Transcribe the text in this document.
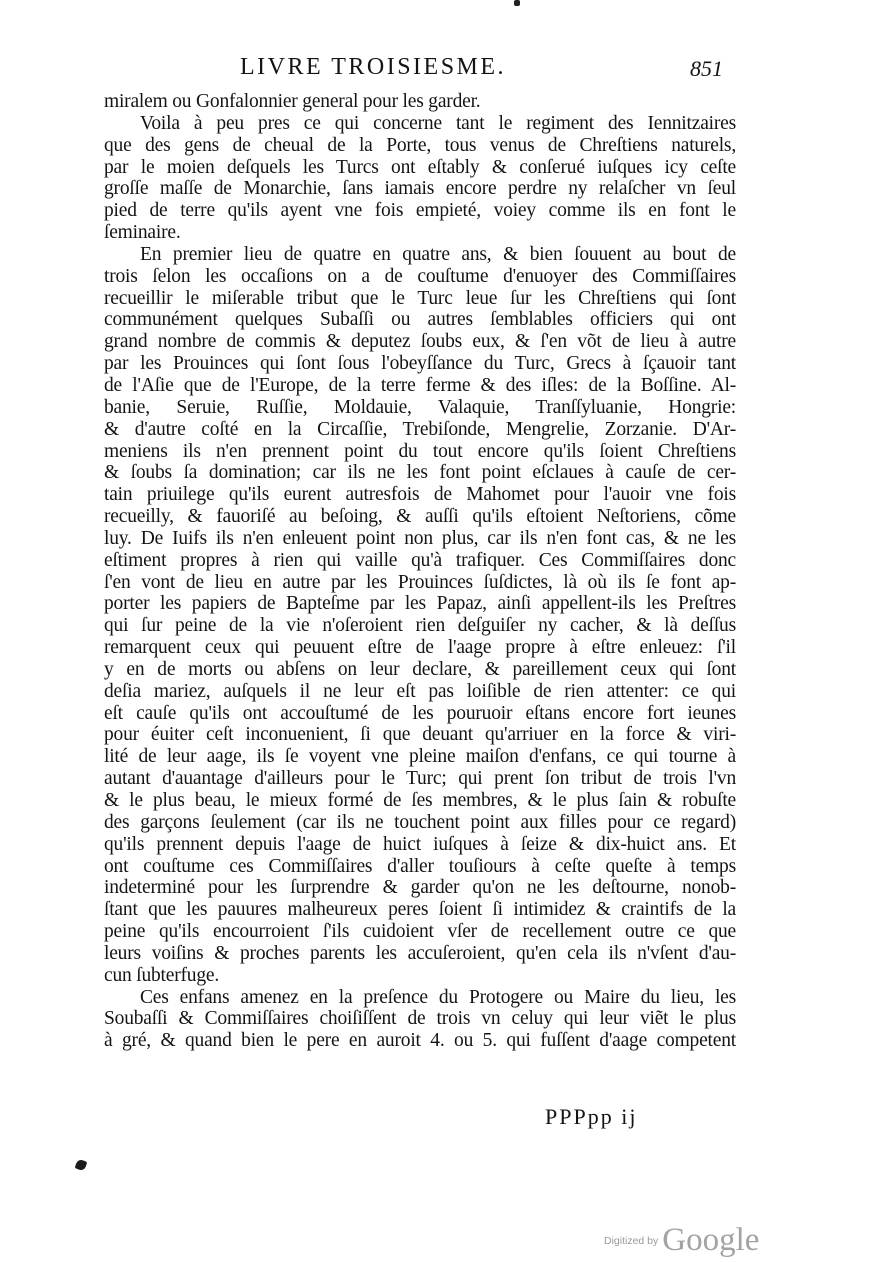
LIVRE TROISIESME.	851
miralem ou Gonfalonnier general pour les garder.
Voila à peu pres ce qui concerne tant le regiment des Iennitzaires
que des gens de cheual de la Porte, tous venus de Chreſtiens naturels,
par le moien deſquels les Turcs ont eſtably & conſerué iuſques icy ceſte
groſſe maſſe de Monarchie, ſans iamais encore perdre ny relaſcher vn ſeul
pied de terre qu'ils ayent vne fois empieté, voiey comme ils en font le
ſeminaire.
En premier lieu de quatre en quatre ans, & bien ſouuent au bout de
trois ſelon les occaſions on a de couſtume d'enuoyer des Commiſſaires
recueillir le miſerable tribut que le Turc leue ſur les Chreſtiens qui ſont
communément quelques Subaſſi ou autres ſemblables officiers qui ont
grand nombre de commis & deputez ſoubs eux, & ſ'en võt de lieu à autre
par les Prouinces qui ſont ſous l'obeyſſance du Turc, Grecs à ſçauoir tant
de l'Aſie que de l'Europe, de la terre ferme & des iſles: de la Boſſine. Al-
banie, Seruie, Ruſſie, Moldauie, Valaquie, Tranſſyluanie, Hongrie:
& d'autre coſté en la Circaſſie, Trebiſonde, Mengrelie, Zorzanie. D'Ar-
meniens ils n'en prennent point du tout encore qu'ils ſoient Chreſtiens
& ſoubs ſa domination; car ils ne les font point eſclaues à cauſe de cer-
tain priuilege qu'ils eurent autresfois de Mahomet pour l'auoir vne fois
recueilly, & fauoriſé au beſoing, & auſſi qu'ils eſtoient Neſtoriens, cõme
luy. De Iuifs ils n'en enleuent point non plus, car ils n'en font cas, & ne les
eſtiment propres à rien qui vaille qu'à trafiquer. Ces Commiſſaires donc
ſ'en vont de lieu en autre par les Prouinces ſuſdictes, là où ils ſe font ap-
porter les papiers de Bapteſme par les Papaz, ainſi appellent-ils les Preſtres
qui ſur peine de la vie n'oſeroient rien deſguiſer ny cacher, & là deſſus
remarquent ceux qui peuuent eſtre de l'aage propre à eſtre enleuez: ſ'il
y en de morts ou abſens on leur declare, & pareillement ceux qui ſont
deſia mariez, auſquels il ne leur eſt pas loiſible de rien attenter: ce qui
eſt cauſe qu'ils ont accouſtumé de les pouruoir eſtans encore fort ieunes
pour éuiter ceſt inconuenient, ſi que deuant qu'arriuer en la force & viri-
lité de leur aage, ils ſe voyent vne pleine maiſon d'enfans, ce qui tourne à
autant d'auantage d'ailleurs pour le Turc; qui prent ſon tribut de trois l'vn
& le plus beau, le mieux formé de ſes membres, & le plus ſain & robuſte
des garçons ſeulement (car ils ne touchent point aux filles pour ce regard)
qu'ils prennent depuis l'aage de huict iuſques à ſeize & dix-huict ans. Et
ont couſtume ces Commiſſaires d'aller touſiours à ceſte queſte à temps
indeterminé pour les ſurprendre & garder qu'on ne les deſtourne, nonob-
ſtant que les pauures malheureux peres ſoient ſi intimidez & craintifs de la
peine qu'ils encourroient ſ'ils cuidoient vſer de recellement outre ce que
leurs voiſins & proches parents les accuſeroient, qu'en cela ils n'vſent d'au-
cun ſubterfuge.
Ces enfans amenez en la preſence du Protogere ou Maire du lieu, les
Soubaſſi & Commiſſaires choiſiſſent de trois vn celuy qui leur viẽt le plus
à gré, & quand bien le pere en auroit 4. ou 5. qui fuſſent d'aage competent
PPPpp ij
Digitized by Google
